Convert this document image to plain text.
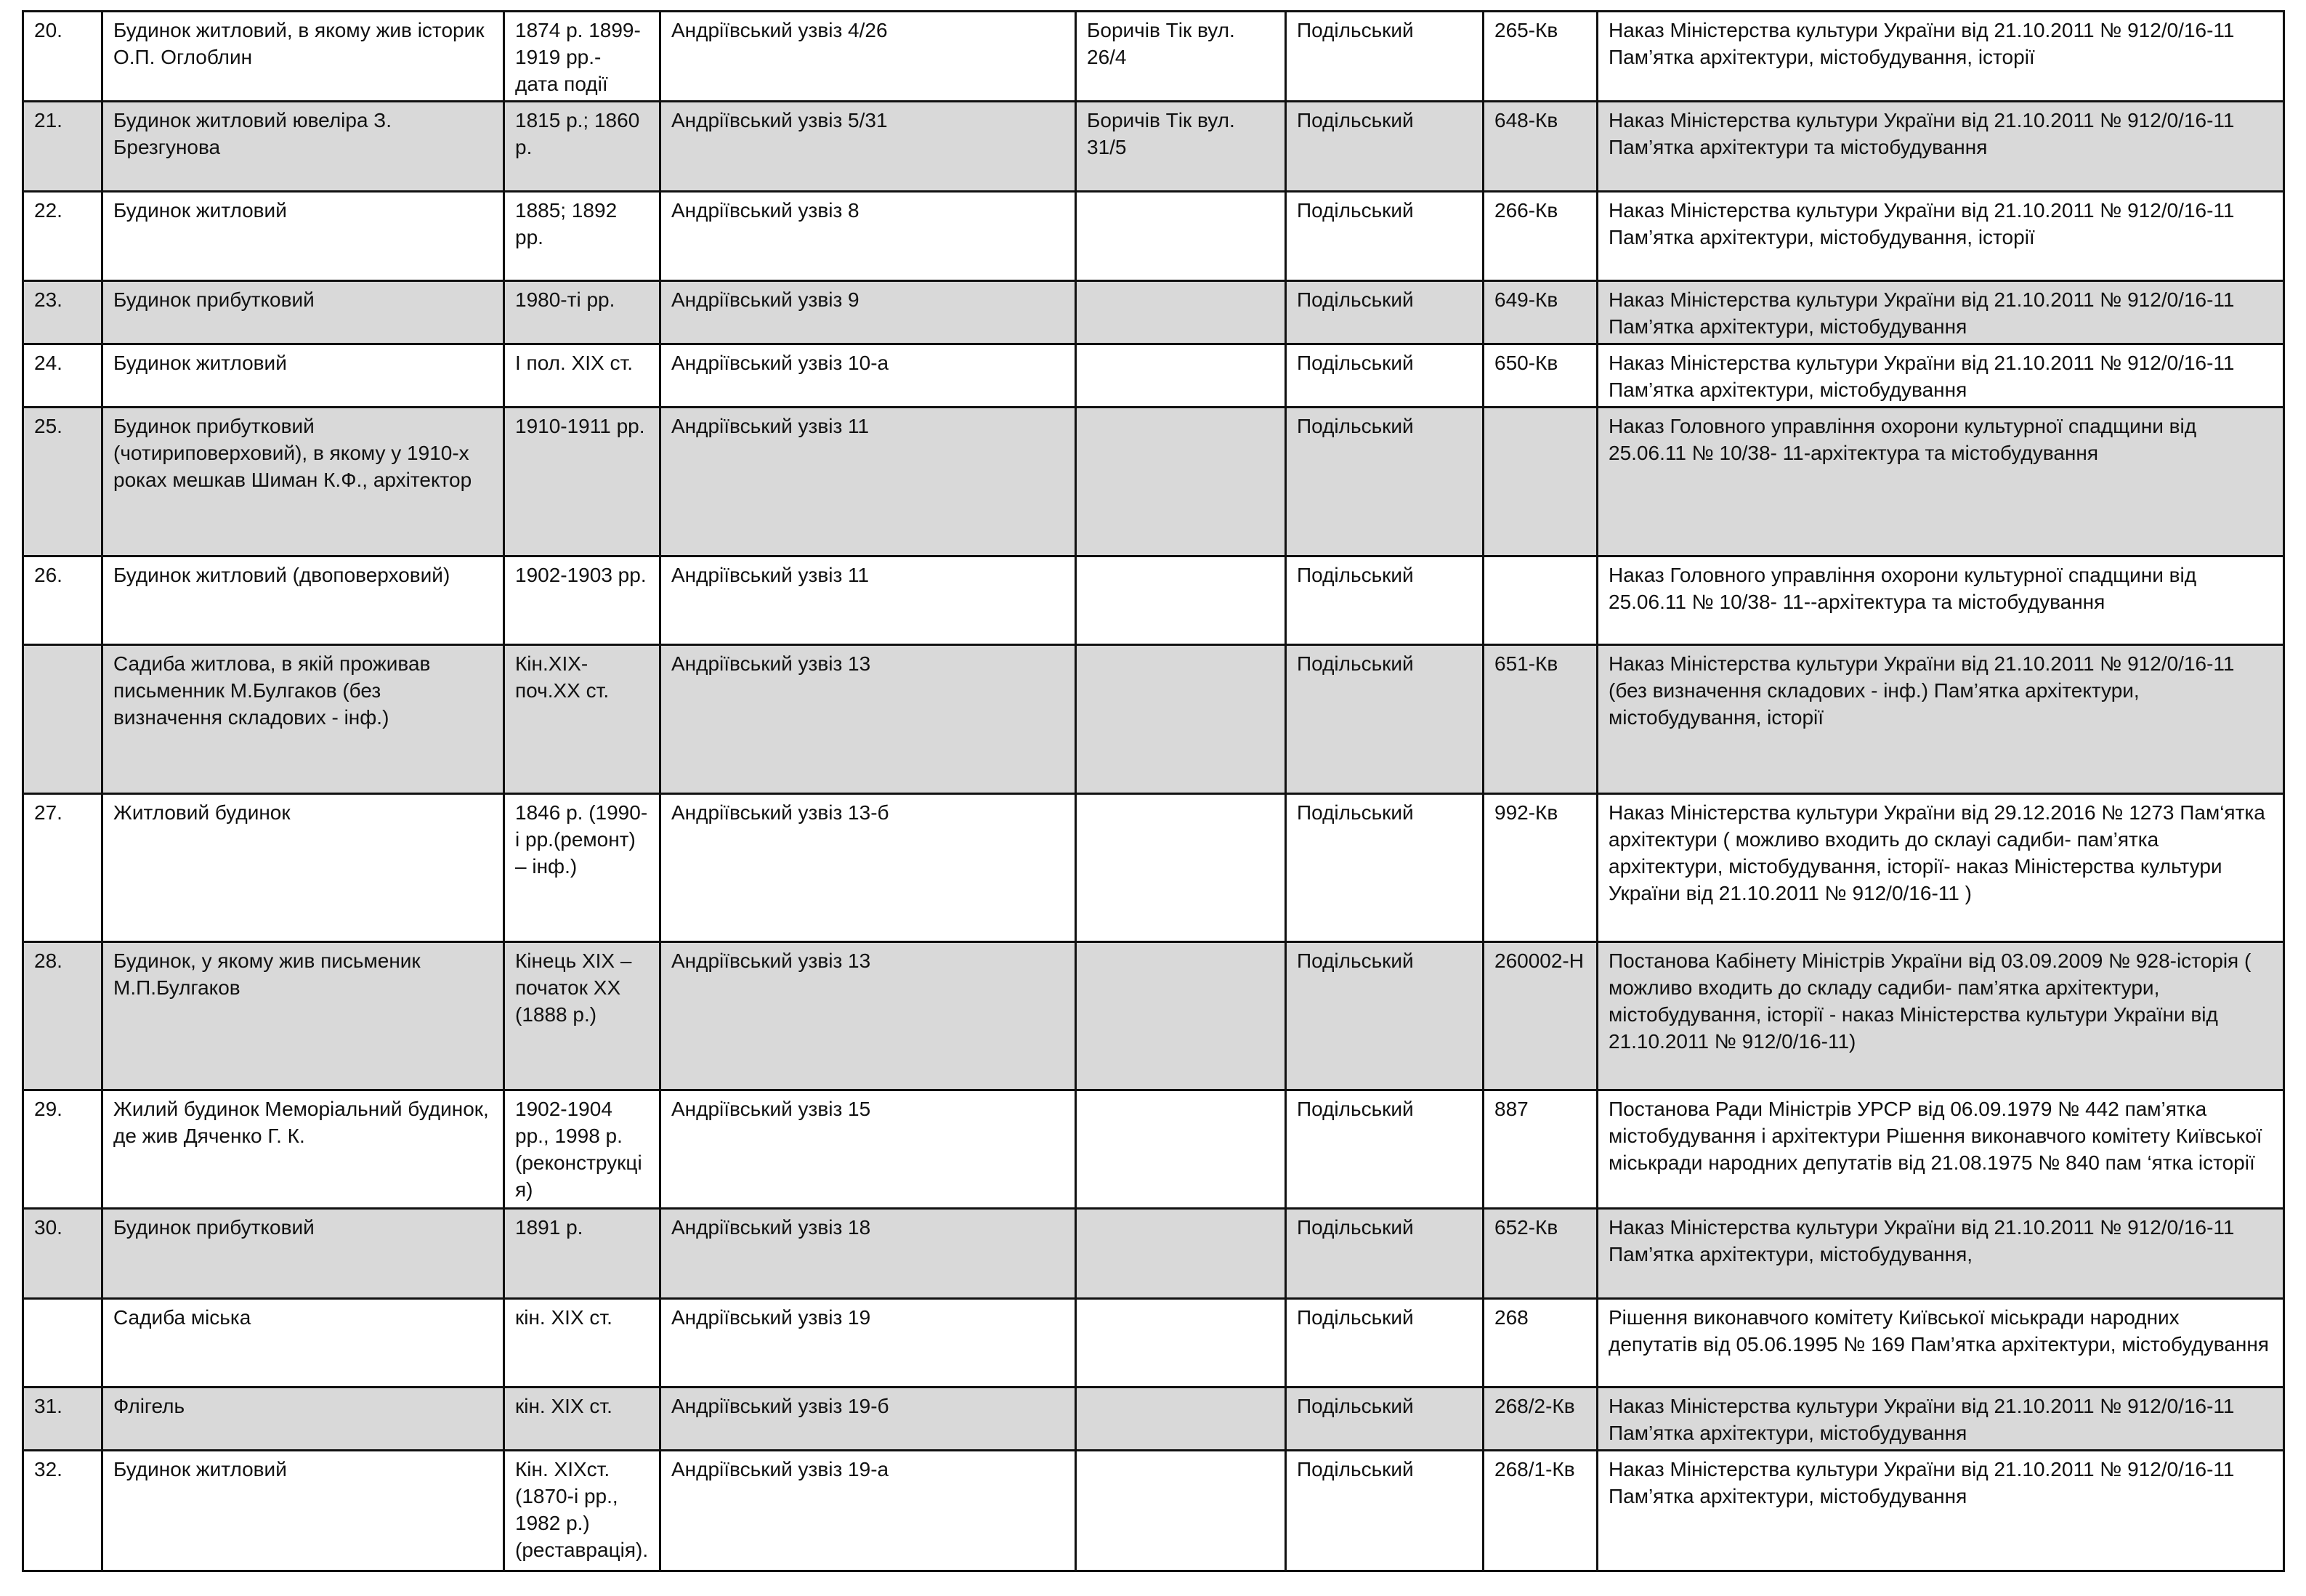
20.	Будинок житловий, в якому жив історик О.П. Оглоблин	1874 р. 1899-1919 рр.- дата події	Андріївський узвіз 4/26	Боричів Тік вул. 26/4	Подільський	265-Кв	Наказ Міністерства культури України від 21.10.2011 № 912/0/16-11 Пам’ятка архітектури, містобудування, історії
21.	Будинок житловий ювеліра З. Брезгунова	1815 р.; 1860 р.	Андріївський узвіз 5/31	Боричів Тік вул. 31/5	Подільський	648-Кв	Наказ Міністерства культури України від 21.10.2011 № 912/0/16-11 Пам’ятка архітектури та містобудування
22.	Будинок житловий	1885; 1892 рр.	Андріївський узвіз 8		Подільський	266-Кв	Наказ Міністерства культури України від 21.10.2011 № 912/0/16-11 Пам’ятка архітектури, містобудування, історії
23.	Будинок прибутковий	1980-ті рр.	Андріївський узвіз 9		Подільський	649-Кв	Наказ Міністерства культури України від 21.10.2011 № 912/0/16-11 Пам’ятка архітектури, містобудування
24.	Будинок житловий	І пол. ХІХ ст.	Андріївський узвіз 10-а		Подільський	650-Кв	Наказ Міністерства культури України від 21.10.2011 № 912/0/16-11 Пам’ятка архітектури, містобудування
25.	Будинок прибутковий (чотириповерховий), в якому у 1910-х роках мешкав Шиман К.Ф., архітектор	1910-1911 рр.	Андріївський узвіз 11		Подільський		Наказ Головного управління охорони культурної спадщини від 25.06.11 № 10/38- 11-архітектура та містобудування
26.	Будинок житловий (двоповерховий)	1902-1903 рр.	Андріївський узвіз 11		Подільський		Наказ Головного управління охорони культурної спадщини від 25.06.11 № 10/38- 11--архітектура та містобудування
	Садиба житлова, в якій проживав письменник М.Булгаков (без визначення складових - інф.)	Кін.ХІХ-поч.ХХ ст.	Андріївський узвіз 13		Подільський	651-Кв	Наказ Міністерства культури України від 21.10.2011 № 912/0/16-11 (без визначення складових - інф.) Пам’ятка архітектури, містобудування, історії
27.	Житловий будинок	1846 р. (1990-і рр.(ремонт) – інф.)	Андріївський узвіз 13-б		Подільський	992-Кв	Наказ Міністерства культури України від 29.12.2016 № 1273 Пам‘ятка архітектури ( можливо входить до склауі садиби- пам’ятка архітектури, містобудування, історії- наказ Міністерства культури України від 21.10.2011 № 912/0/16-11 )
28.	Будинок, у якому жив письменик М.П.Булгаков	Кінець ХІХ – початок ХХ (1888 р.)	Андріївський узвіз 13		Подільський	260002-Н	Постанова Кабінету Міністрів України від 03.09.2009 № 928-історія ( можливо входить до складу садиби- пам’ятка архітектури, містобудування, історії - наказ Міністерства культури України від 21.10.2011 № 912/0/16-11)
29.	Жилий будинок Меморіальний будинок, де жив Дяченко Г. К.	1902-1904 рр., 1998 р. (реконструкція)	Андріївський узвіз 15		Подільський	887	Постанова Ради Міністрів УРСР від 06.09.1979 № 442 пам’ятка містобудування і архітектури Рішення виконавчого комітету Київської міськради народних депутатів від 21.08.1975 № 840 пам ‘ятка історії
30.	Будинок прибутковий	1891 р.	Андріївський узвіз 18		Подільський	652-Кв	Наказ Міністерства культури України від 21.10.2011 № 912/0/16-11 Пам’ятка архітектури, містобудування,
	Садиба міська	кін. ХІХ ст.	Андріївський узвіз 19		Подільський	268	Рішення виконавчого комітету Київської міськради народних депутатів від 05.06.1995 № 169 Пам’ятка архітектури, містобудування
31.	Флігель	кін. ХІХ ст.	Андріївський узвіз 19-б		Подільський	268/2-Кв	Наказ Міністерства культури України від 21.10.2011 № 912/0/16-11 Пам’ятка архітектури, містобудування
32.	Будинок житловий	Кін. ХІХст. (1870-і рр., 1982 р.) (реставрація).	Андріївський узвіз 19-а		Подільський	268/1-Кв	Наказ Міністерства культури України від 21.10.2011 № 912/0/16-11 Пам’ятка архітектури, містобудування
